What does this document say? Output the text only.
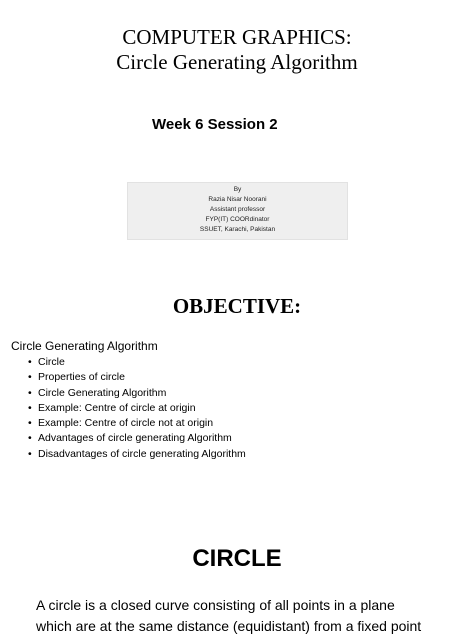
COMPUTER GRAPHICS:
Circle Generating Algorithm
Week 6 Session 2
By
Razia Nisar Noorani
Assistant professor
FYP(IT) COORdinator
SSUET, Karachi, Pakistan
OBJECTIVE:
Circle Generating Algorithm
• Circle
• Properties of circle
• Circle Generating Algorithm
• Example: Centre of circle at origin
• Example: Centre of circle not at origin
• Advantages of circle generating Algorithm
• Disadvantages of circle generating Algorithm
CIRCLE
A circle is a closed curve consisting of all points in a plane
which are at the same distance (equidistant) from a fixed point
